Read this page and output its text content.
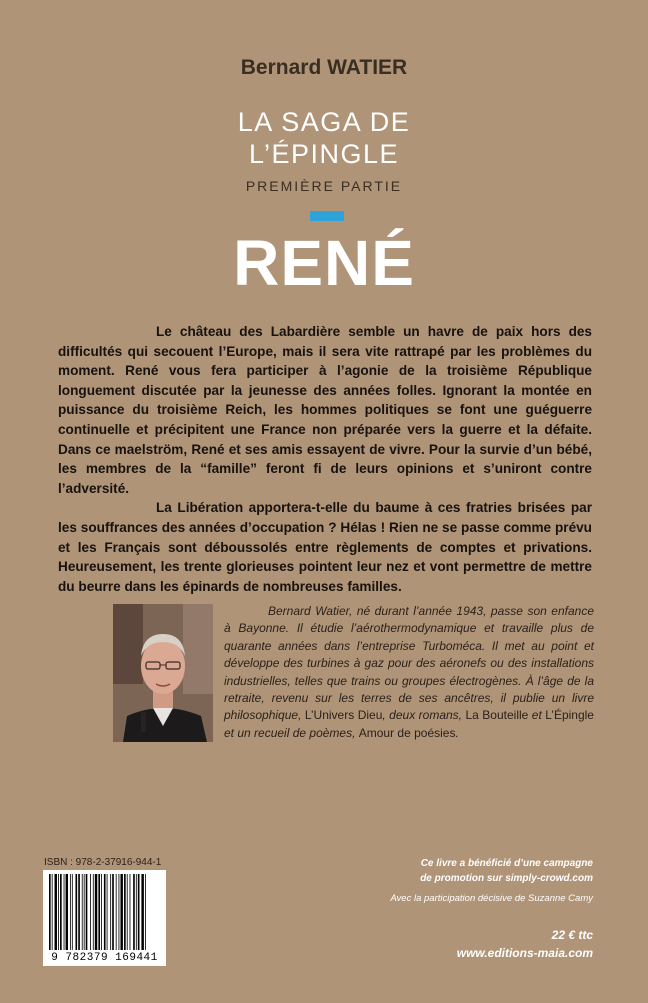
Bernard WATIER
LA SAGA DE
L’ÉPINGLE
PREMIÈRE PARTIE
RENÉ

Le château des Labardière semble un havre de paix hors des difficultés qui secouent l’Europe, mais il sera vite rattrapé par les problèmes du moment. René vous fera participer à l’agonie de la troisième République longuement discutée par la jeunesse des années folles. Ignorant la montée en puissance du troisième Reich, les hommes politiques se font une guéguerre continuelle et précipitent une France non préparée vers la guerre et la défaite. Dans ce maelström, René et ses amis essayent de vivre. Pour la survie d’un bébé, les membres de la “famille” feront fi de leurs opinions et s’uniront contre l’adversité.

La Libération apportera-t-elle du baume à ces fratries brisées par les souffrances des années d’occupation ? Hélas ! Rien ne se passe comme prévu et les Français sont déboussolés entre règlements de comptes et privations. Heureusement, les trente glorieuses pointent leur nez et vont permettre de mettre du beurre dans les épinards de nombreuses familles.

Bernard Watier, né durant l’année 1943, passe son enfance à Bayonne. Il étudie l’aérothermodynamique et travaille plus de quarante années dans l’entreprise Turboméca. Il met au point et développe des turbines à gaz pour des aéronefs ou des installations industrielles, telles que trains ou groupes électrogènes. À l’âge de la retraite, revenu sur les terres de ses ancêtres, il publie un livre philosophique, L’Univers Dieu, deux romans, La Bouteille et L’Épingle et un recueil de poèmes, Amour de poésies.

ISBN : 978-2-37916-944-1
9 782379 169441
Ce livre a bénéficié d’une campagne
de promotion sur simply-crowd.com
Avec la participation décisive de Suzanne Camy
22 € ttc
www.editions-maia.com
